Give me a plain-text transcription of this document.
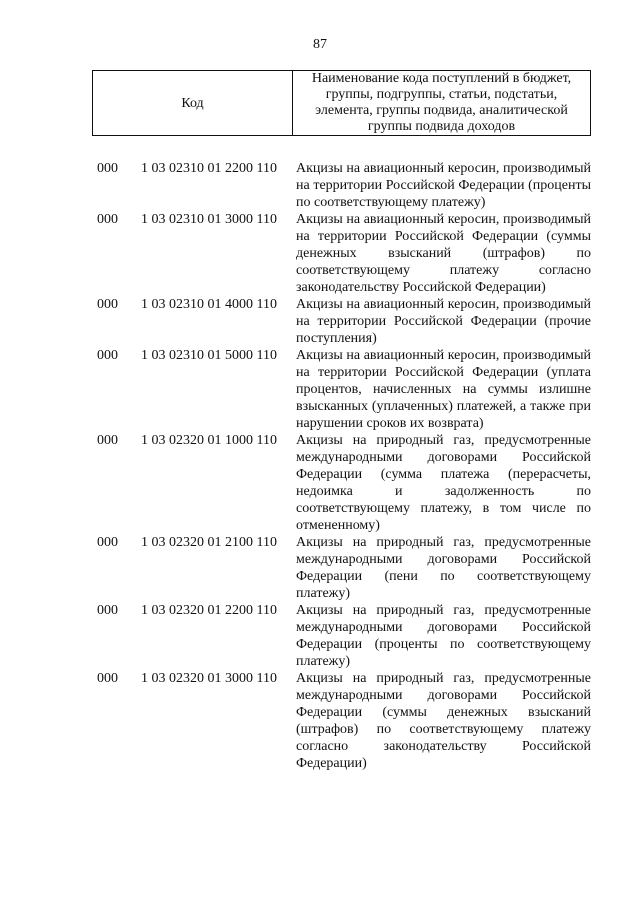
87
Код
Наименование кода поступлений в бюджет, группы, подгруппы, статьи, подстатьи, элемента, группы подвида, аналитической группы подвида доходов
000	1 03 02310 01 2200 110	Акцизы на авиационный керосин, производимый на территории Российской Федерации (проценты по соответствующему платежу)
000	1 03 02310 01 3000 110	Акцизы на авиационный керосин, производимый на территории Российской Федерации (суммы денежных взысканий (штрафов) по соответствующему платежу согласно законодательству Российской Федерации)
000	1 03 02310 01 4000 110	Акцизы на авиационный керосин, производимый на территории Российской Федерации (прочие поступления)
000	1 03 02310 01 5000 110	Акцизы на авиационный керосин, производимый на территории Российской Федерации (уплата процентов, начисленных на суммы излишне взысканных (уплаченных) платежей, а также при нарушении сроков их возврата)
000	1 03 02320 01 1000 110	Акцизы на природный газ, предусмотренные международными договорами Российской Федерации (сумма платежа (перерасчеты, недоимка и задолженность по соответствующему платежу, в том числе по отмененному)
000	1 03 02320 01 2100 110	Акцизы на природный газ, предусмотренные международными договорами Российской Федерации (пени по соответствующему платежу)
000	1 03 02320 01 2200 110	Акцизы на природный газ, предусмотренные международными договорами Российской Федерации (проценты по соответствующему платежу)
000	1 03 02320 01 3000 110	Акцизы на природный газ, предусмотренные международными договорами Российской Федерации (суммы денежных взысканий (штрафов) по соответствующему платежу согласно законодательству Российской Федерации)
